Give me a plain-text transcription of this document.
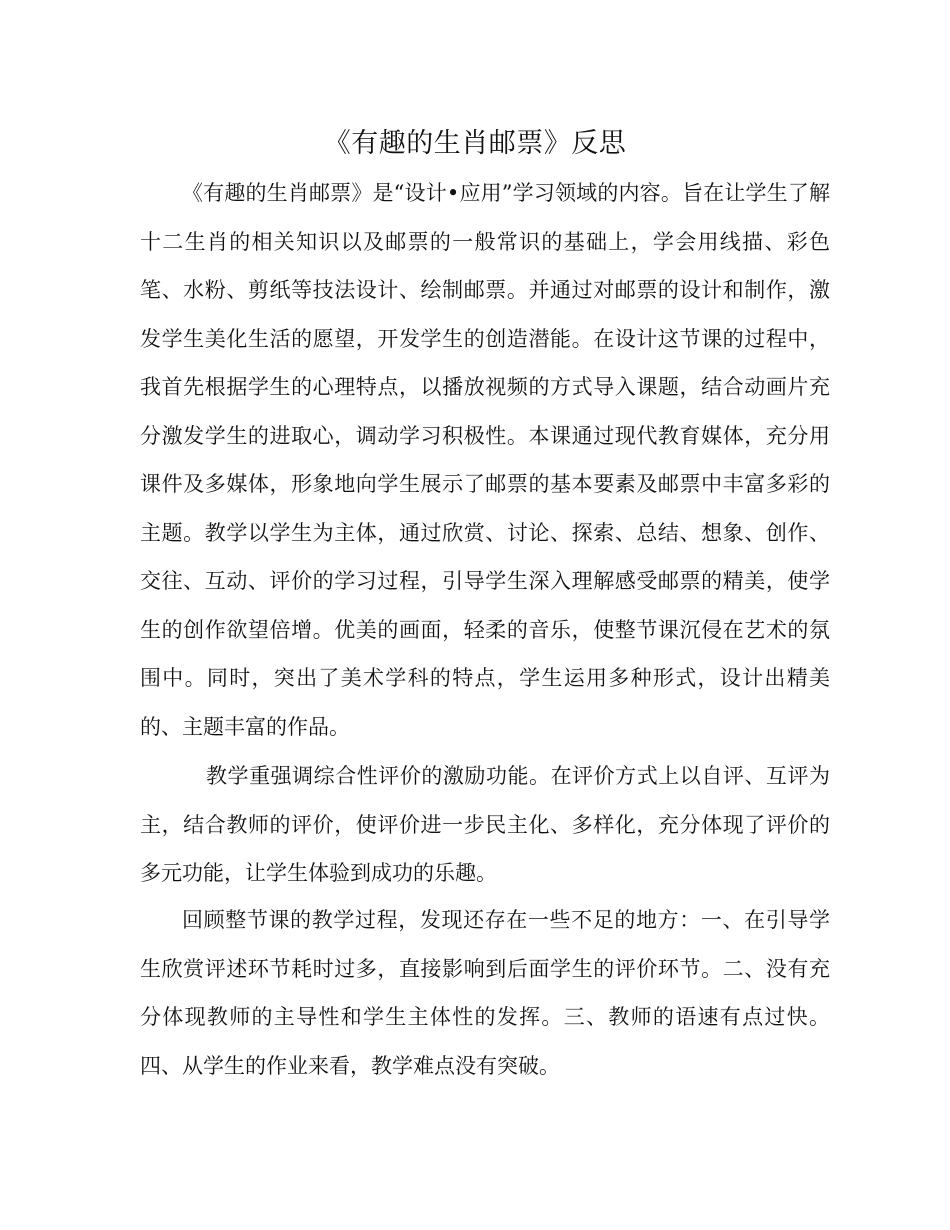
《有趣的生肖邮票》反思

《有趣的生肖邮票》是“设计•应用”学习领域的内容。旨在让学生了解十二生肖的相关知识以及邮票的一般常识的基础上，学会用线描、彩色笔、水粉、剪纸等技法设计、绘制邮票。并通过对邮票的设计和制作，激发学生美化生活的愿望，开发学生的创造潜能。在设计这节课的过程中，我首先根据学生的心理特点，以播放视频的方式导入课题，结合动画片充分激发学生的进取心，调动学习积极性。本课通过现代教育媒体，充分用课件及多媒体，形象地向学生展示了邮票的基本要素及邮票中丰富多彩的主题。教学以学生为主体，通过欣赏、讨论、探索、总结、想象、创作、交往、互动、评价的学习过程，引导学生深入理解感受邮票的精美，使学生的创作欲望倍增。优美的画面，轻柔的音乐，使整节课沉侵在艺术的氛围中。同时，突出了美术学科的特点，学生运用多种形式，设计出精美的、主题丰富的作品。

教学重强调综合性评价的激励功能。在评价方式上以自评、互评为主，结合教师的评价，使评价进一步民主化、多样化，充分体现了评价的多元功能，让学生体验到成功的乐趣。

回顾整节课的教学过程，发现还存在一些不足的地方：一、在引导学生欣赏评述环节耗时过多，直接影响到后面学生的评价环节。二、没有充分体现教师的主导性和学生主体性的发挥。三、教师的语速有点过快。四、从学生的作业来看，教学难点没有突破。
